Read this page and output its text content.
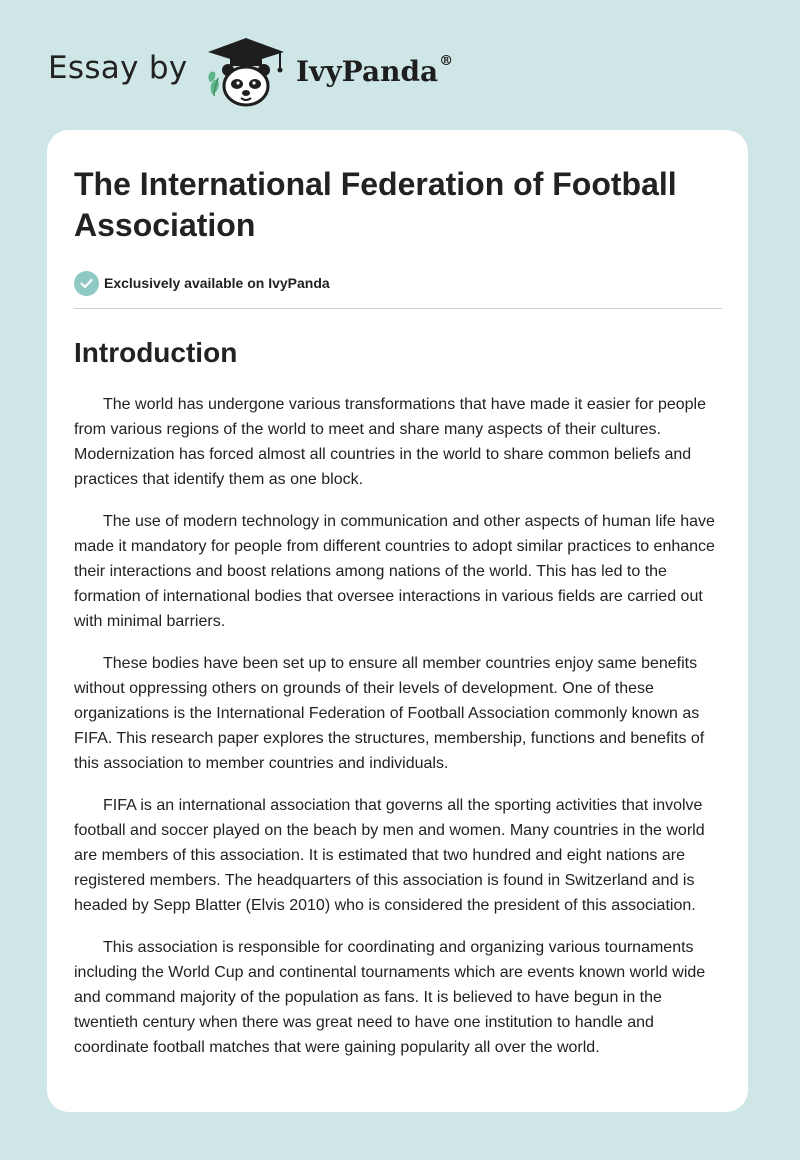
Essay by	IvyPanda®
The International Federation of Football Association
Exclusively available on IvyPanda
Introduction

The world has undergone various transformations that have made it easier for people from various regions of the world to meet and share many aspects of their cultures. Modernization has forced almost all countries in the world to share common beliefs and practices that identify them as one block.

The use of modern technology in communication and other aspects of human life have made it mandatory for people from different countries to adopt similar practices to enhance their interactions and boost relations among nations of the world. This has led to the formation of international bodies that oversee interactions in various fields are carried out with minimal barriers.

These bodies have been set up to ensure all member countries enjoy same benefits without oppressing others on grounds of their levels of development. One of these organizations is the International Federation of Football Association commonly known as FIFA. This research paper explores the structures, membership, functions and benefits of this association to member countries and individuals.

FIFA is an international association that governs all the sporting activities that involve football and soccer played on the beach by men and women. Many countries in the world are members of this association. It is estimated that two hundred and eight nations are registered members. The headquarters of this association is found in Switzerland and is headed by Sepp Blatter (Elvis 2010) who is considered the president of this association.

This association is responsible for coordinating and organizing various tournaments including the World Cup and continental tournaments which are events known world wide and command majority of the population as fans. It is believed to have begun in the twentieth century when there was great need to have one institution to handle and coordinate football matches that were gaining popularity all over the world.
